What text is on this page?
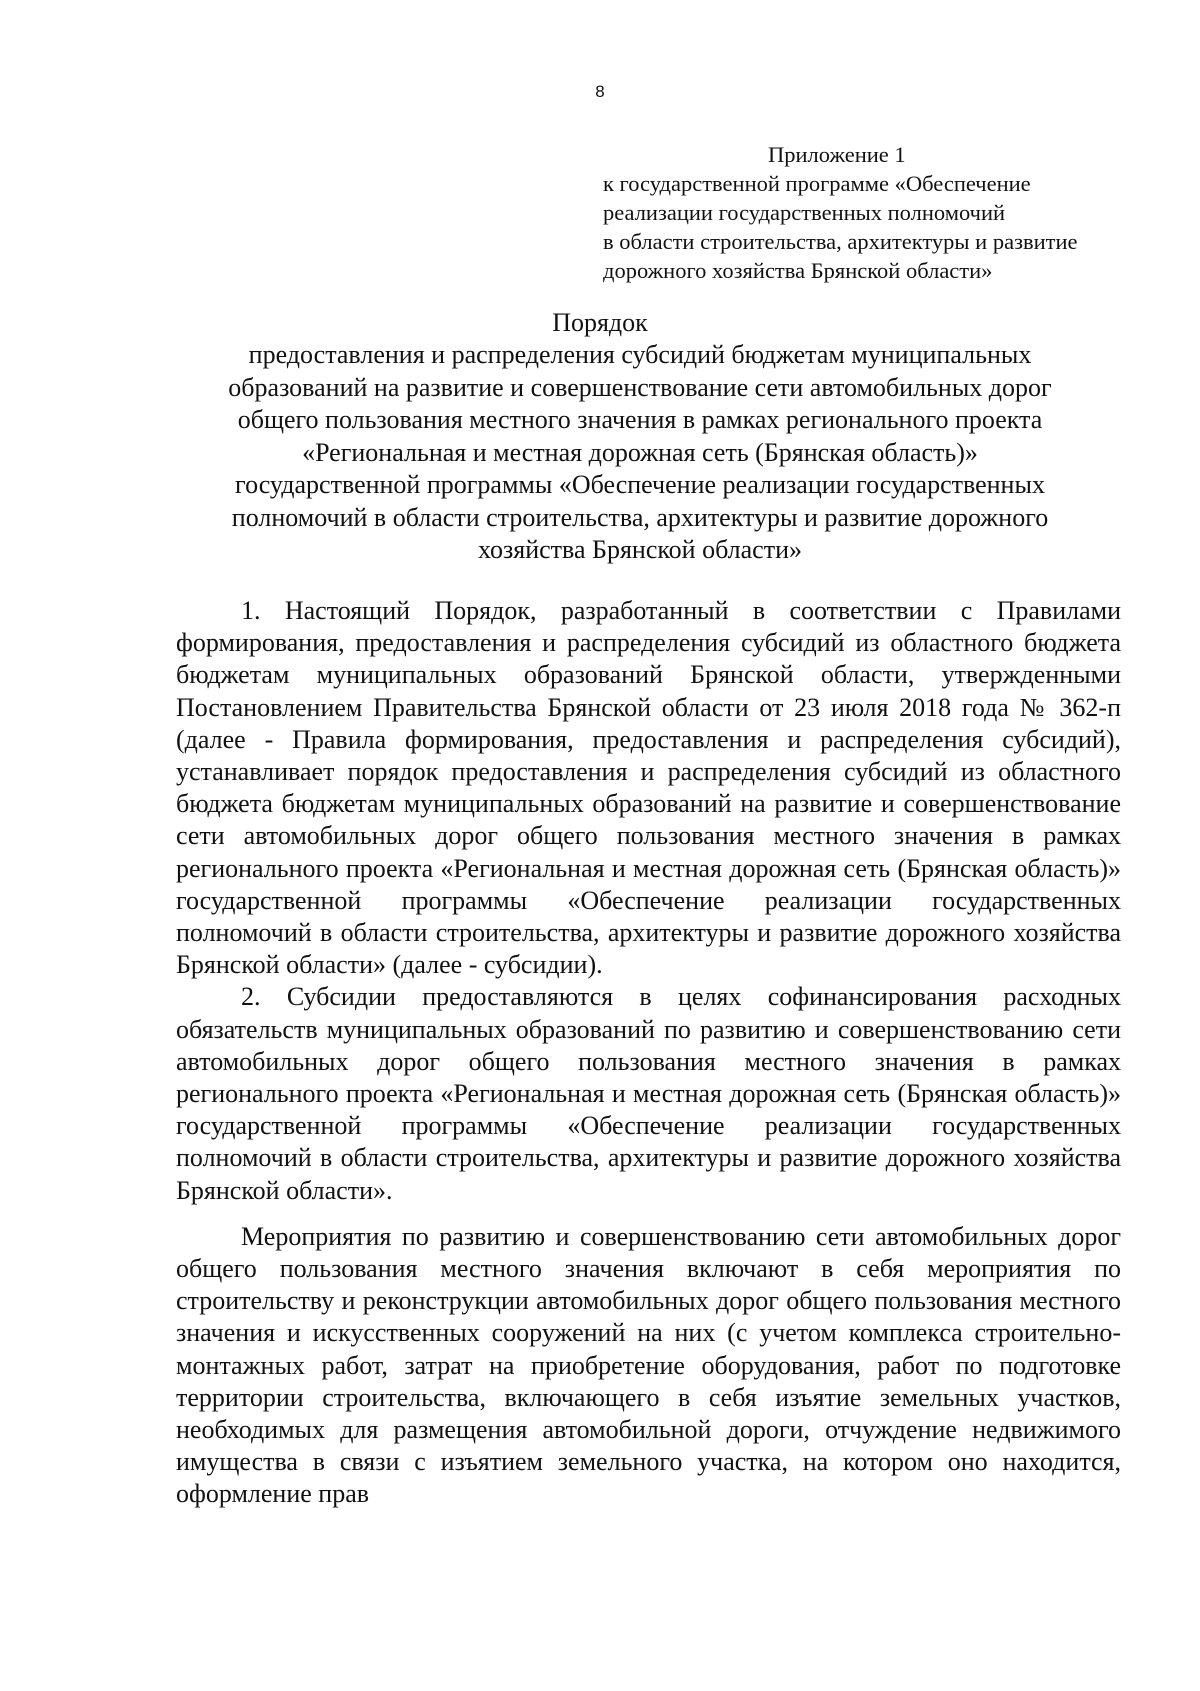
8
Приложение 1
к государственной программе «Обеспечение
реализации государственных полномочий
в области строительства, архитектуры и развитие
дорожного хозяйства Брянской области»
Порядок
предоставления и распределения субсидий бюджетам муниципальных
образований на развитие и совершенствование сети автомобильных дорог
общего пользования местного значения в рамках регионального проекта
«Региональная и местная дорожная сеть (Брянская область)»
государственной программы «Обеспечение реализации государственных
полномочий в области строительства, архитектуры и развитие дорожного
хозяйства Брянской области»

1. Настоящий Порядок, разработанный в соответствии с Правилами формирования, предоставления и распределения субсидий из областного бюджета бюджетам муниципальных образований Брянской области, утвержденными Постановлением Правительства Брянской области от 23 июля 2018 года № 362-п (далее - Правила формирования, предоставления и распределения субсидий), устанавливает порядок предоставления и распределения субсидий из областного бюджета бюджетам муниципальных образований на развитие и совершенствование сети автомобильных дорог общего пользования местного значения в рамках регионального проекта «Региональная и местная дорожная сеть (Брянская область)» государственной программы «Обеспечение реализации государственных полномочий в области строительства, архитектуры и развитие дорожного хозяйства Брянской области» (далее - субсидии).

2. Субсидии предоставляются в целях софинансирования расходных обязательств муниципальных образований по развитию и совершенствованию сети автомобильных дорог общего пользования местного значения в рамках регионального проекта «Региональная и местная дорожная сеть (Брянская область)» государственной программы «Обеспечение реализации государственных полномочий в области строительства, архитектуры и развитие дорожного хозяйства Брянской области».

Мероприятия по развитию и совершенствованию сети автомобильных дорог общего пользования местного значения включают в себя мероприятия по строительству и реконструкции автомобильных дорог общего пользования местного значения и искусственных сооружений на них (с учетом комплекса строительно-монтажных работ, затрат на приобретение оборудования, работ по подготовке территории строительства, включающего в себя изъятие земельных участков, необходимых для размещения автомобильной дороги, отчуждение недвижимого имущества в связи с изъятием земельного участка, на котором оно находится, оформление прав
